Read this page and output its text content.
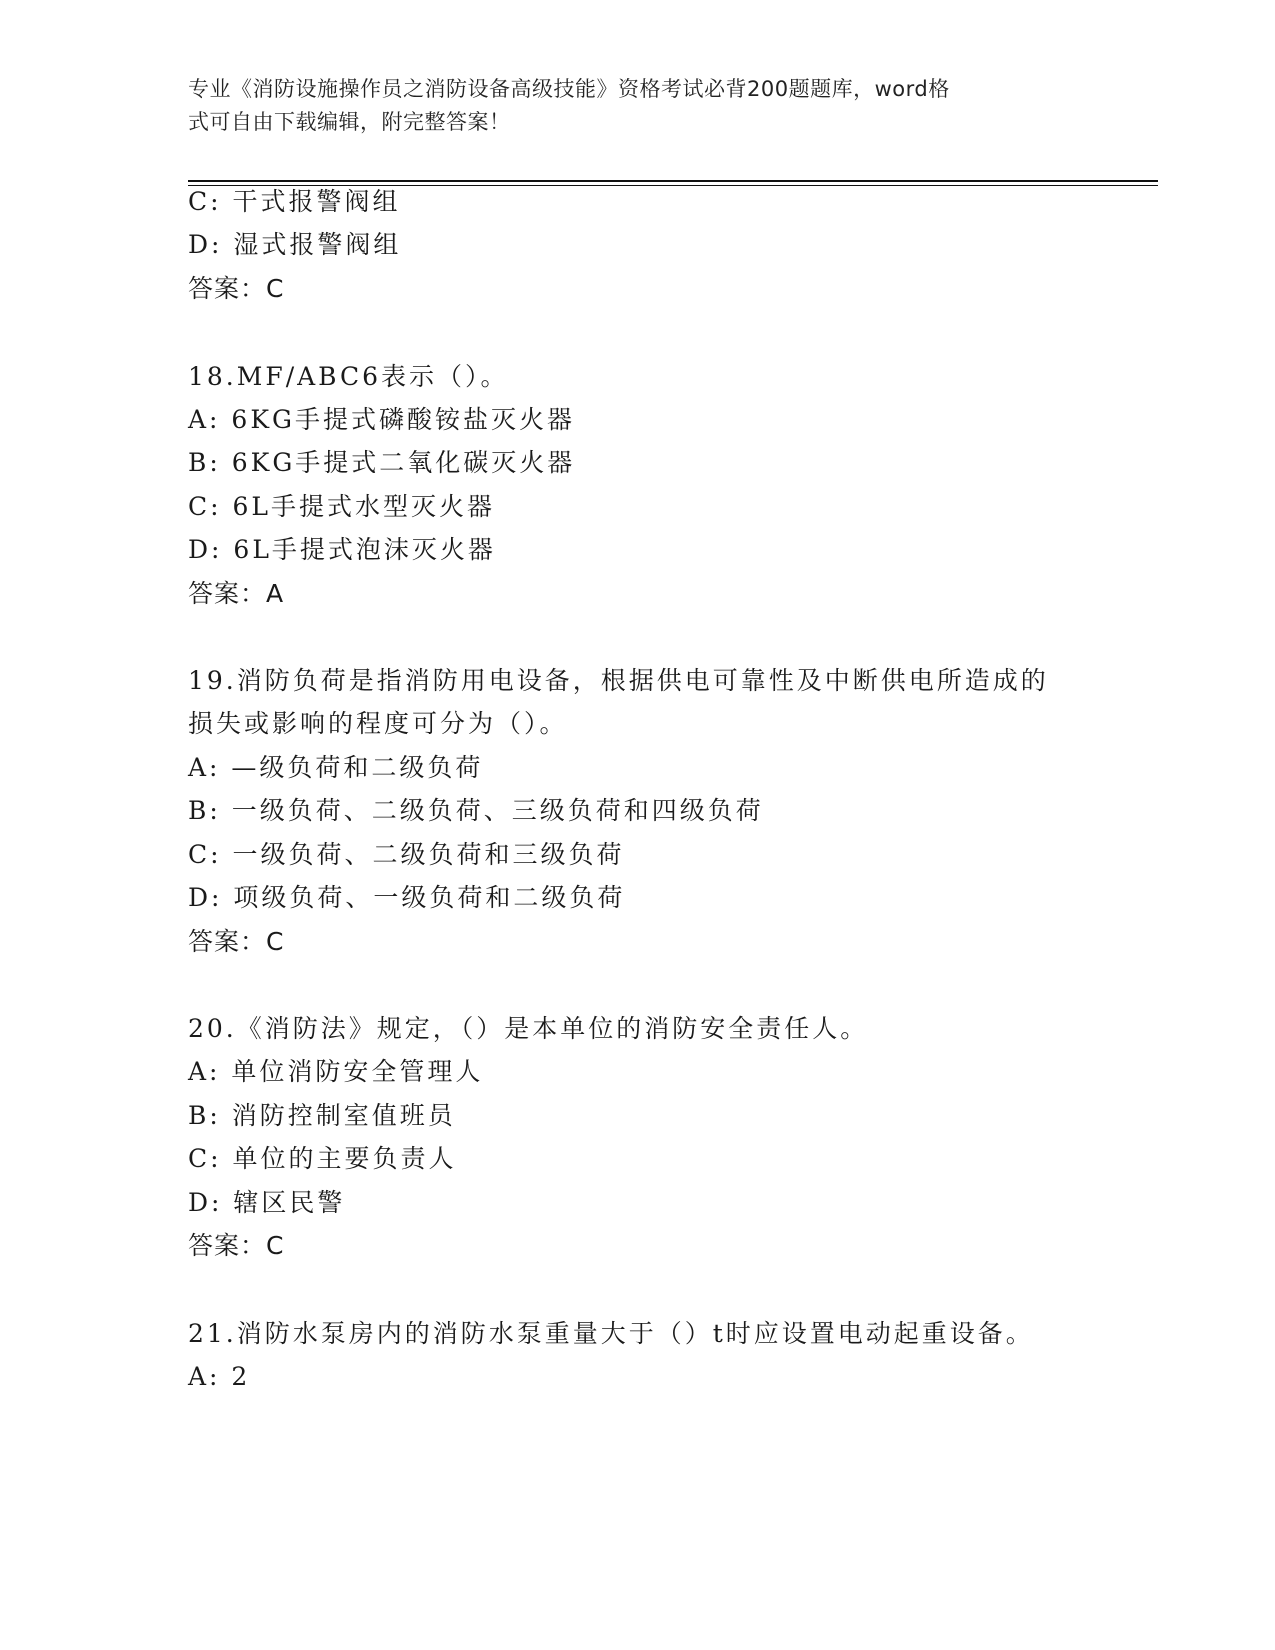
专业《消防设施操作员之消防设备高级技能》资格考试必背200题题库，word格
式可自由下载编辑，附完整答案！
C: 干式报警阀组
D: 湿式报警阀组
答案：C
18.MF/ABC6表示（）。
A: 6KG手提式磷酸铵盐灭火器
B: 6KG手提式二氧化碳灭火器
C: 6L手提式水型灭火器
D: 6L手提式泡沫灭火器
答案：A
19.消防负荷是指消防用电设备，根据供电可靠性及中断供电所造成的
损失或影响的程度可分为（）。
A: —级负荷和二级负荷
B: 一级负荷、二级负荷、三级负荷和四级负荷
C: 一级负荷、二级负荷和三级负荷
D: 项级负荷、一级负荷和二级负荷
答案：C
20.《消防法》规定，（）是本单位的消防安全责任人。
A: 单位消防安全管理人
B: 消防控制室值班员
C: 单位的主要负责人
D: 辖区民警
答案：C
21.消防水泵房内的消防水泵重量大于（）t时应设置电动起重设备。
A: 2
